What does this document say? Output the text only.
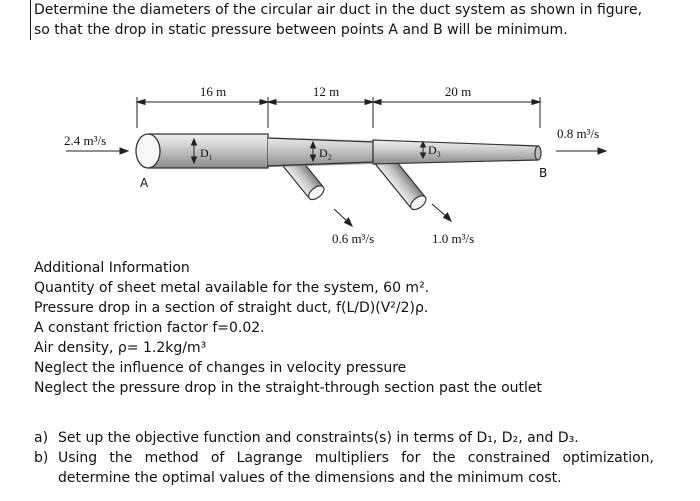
Determine the diameters of the circular air duct in the duct system as shown in figure,
so that the drop in static pressure between points A and B will be minimum.
16 m	12 m	20 m
D₁	D₂	D₃
2.4 m³/s	0.8 m³/s
0.6 m³/s	1.0 m³/s
A
B
Additional Information
Quantity of sheet metal available for the system, 60 m².
Pressure drop in a section of straight duct, f(L/D)(V²/2)ρ.
A constant friction factor f=0.02.
Air density, ρ= 1.2kg/m³
Neglect the influence of changes in velocity pressure
Neglect the pressure drop in the straight-through section past the outlet
a) Set up the objective function and constraints(s) in terms of D₁, D₂, and D₃.
b) Using the method of Lagrange multipliers for the constrained optimization, determine the optimal values of the dimensions and the minimum cost.
